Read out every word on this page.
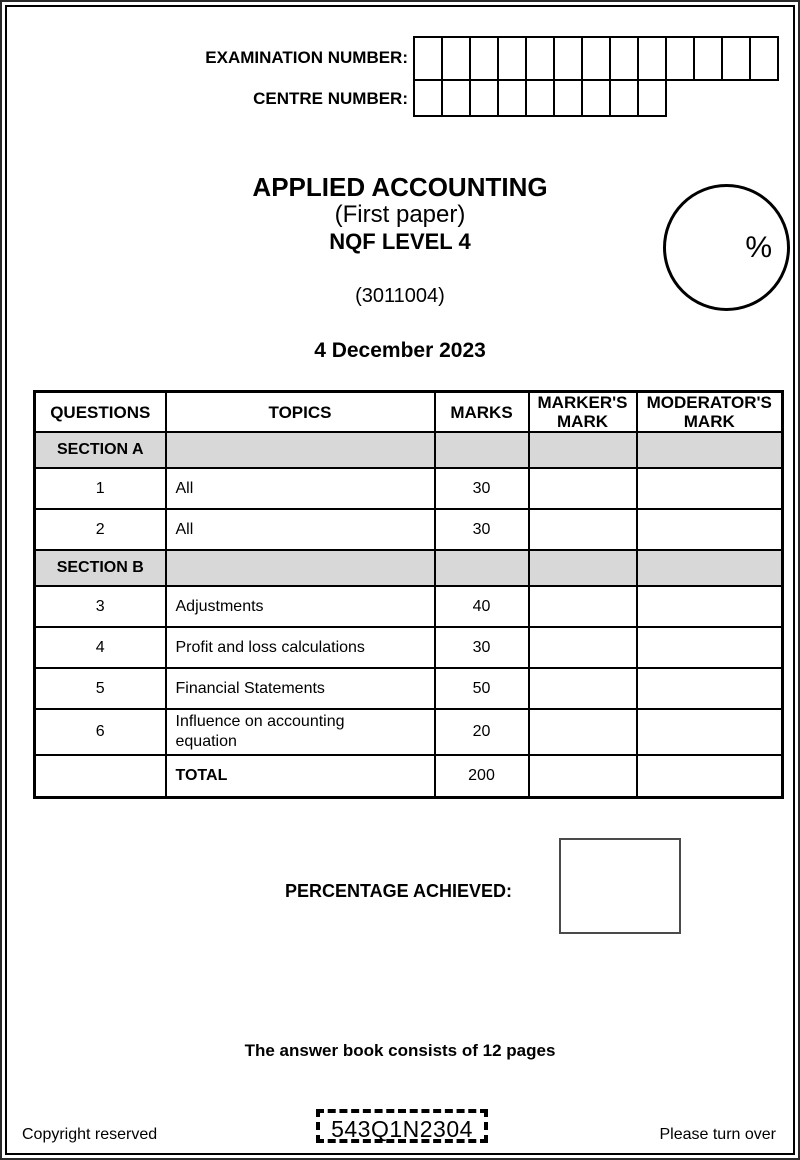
EXAMINATION NUMBER:
CENTRE NUMBER:
APPLIED ACCOUNTING
(First paper)
NQF LEVEL 4
(3011004)
4 December 2023
%
QUESTIONS	TOPICS	MARKS	MARKER'S MARK	MODERATOR'S MARK
SECTION A				
1	All	30		
2	All	30		
SECTION B				
3	Adjustments	40		
4	Profit and loss calculations	30		
5	Financial Statements	50		
6	Influence on accounting equation	20		
	TOTAL	200		
PERCENTAGE ACHIEVED:
The answer book consists of 12 pages
Copyright reserved	543Q1N2304	Please turn over
